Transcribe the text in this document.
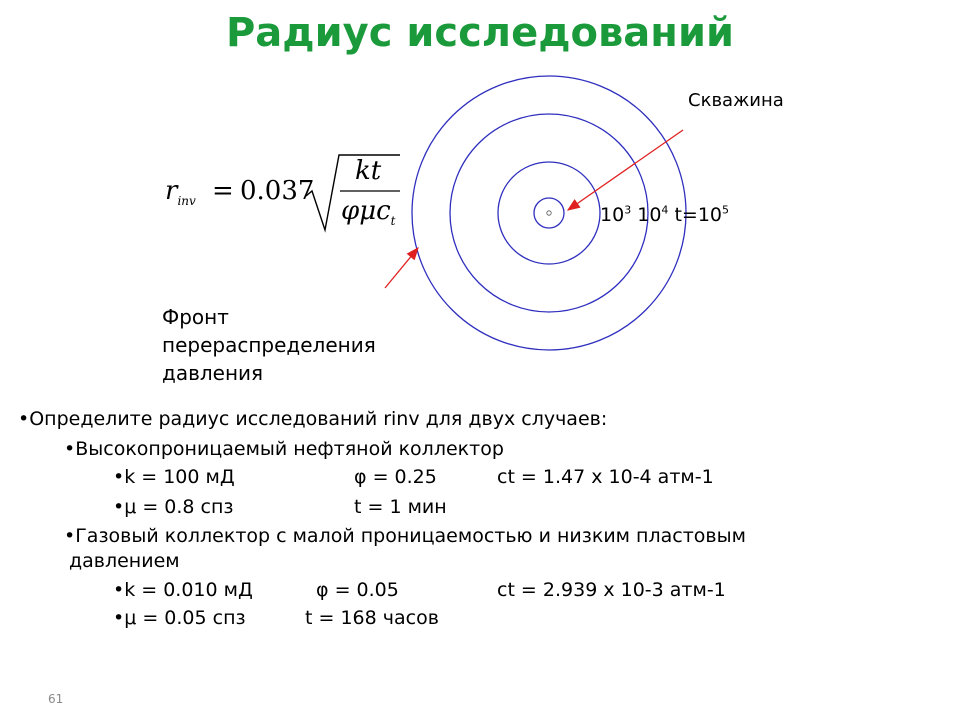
Радиус исследований
$r_{inv} = 0.037$
kt
φμc$_t$
Скважина
Фронт перераспределения давления
$10^3$ $10^4$ $t=10^5$
•Определите радиус исследований rinv для двух случаев:
•Высокопроницаемый нефтяной коллектор
•k = 100 мД	φ = 0.25	ct = 1.47 x 10-4 атм-1
•μ = 0.8 спз	t = 1 мин
•Газовый коллектор с малой проницаемостью и низким пластовым
давлением
•k = 0.010 мД	φ = 0.05	ct = 2.939 x 10-3 атм-1
•μ = 0.05 спз	t = 168 часов
61
